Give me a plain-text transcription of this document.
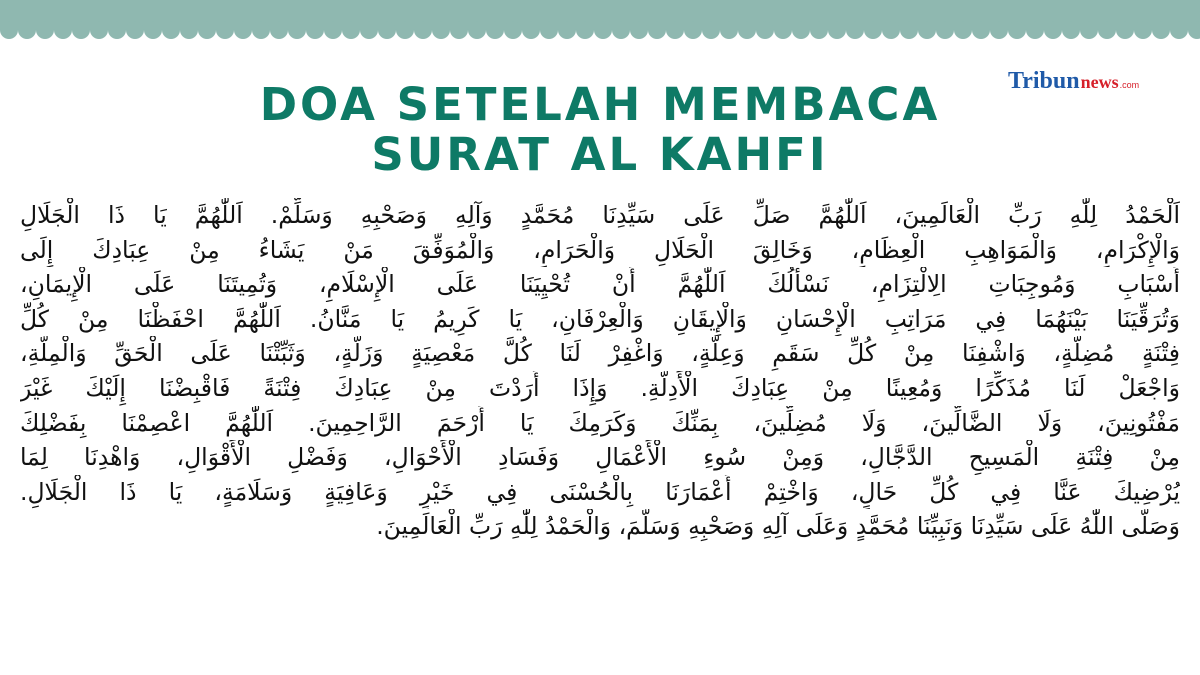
Tribun news .com
DOA SETELAH MEMBACA
SURAT AL KAHFI
اَلْحَمْدُ لِلّٰهِ رَبِّ الْعَالَمِينَ، اَللّٰهُمَّ صَلِّ عَلَى سَيِّدِنَا مُحَمَّدٍ وَآلِهِ وَصَحْبِهِ وَسَلِّمْ. اَللّٰهُمَّ يَا ذَا الْجَلَالِ
وَالْإِكْرَامِ، وَالْمَوَاهِبِ الْعِظَامِ، وَخَالِقَ الْحَلَالِ وَالْحَرَامِ، وَالْمُوَفِّقَ مَنْ يَشَاءُ مِنْ عِبَادِكَ إِلَى
أَسْبَابِ وَمُوجِبَاتِ الِالْتِزَامِ، نَسْأَلُكَ اَللّٰهُمَّ أَنْ تُحْيِيَنَا عَلَى الْإِسْلَامِ، وَتُمِيتَنَا عَلَى الْإِيمَانِ،
وَتُرَقِّيَنَا بَيْنَهُمَا فِي مَرَاتِبِ الْإِحْسَانِ وَالْإِيقَانِ وَالْعِرْفَانِ، يَا كَرِيمُ يَا مَنَّانُ. اَللّٰهُمَّ احْفَظْنَا مِنْ كُلِّ
فِتْنَةٍ مُضِلَّةٍ، وَاشْفِنَا مِنْ كُلِّ سَقَمٍ وَعِلَّةٍ، وَاغْفِرْ لَنَا كُلَّ مَعْصِيَةٍ وَزَلَّةٍ، وَثَبِّتْنَا عَلَى الْحَقِّ وَالْمِلَّةِ،
وَاجْعَلْ لَنَا مُذَكِّرًا وَمُعِينًا مِنْ عِبَادِكَ الْأَدِلَّةِ. وَإِذَا أَرَدْتَ مِنْ عِبَادِكَ فِتْنَةً فَاقْبِضْنَا إِلَيْكَ غَيْرَ
مَفْتُونِينَ، وَلَا الضَّالِّينَ، وَلَا مُضِلِّينَ، بِمَنِّكَ وَكَرَمِكَ يَا أَرْحَمَ الرَّاحِمِينَ. اَللّٰهُمَّ اعْصِمْنَا بِفَضْلِكَ
مِنْ فِتْنَةِ الْمَسِيحِ الدَّجَّالِ، وَمِنْ سُوءِ الْأَعْمَالِ وَفَسَادِ الْأَحْوَالِ، وَفَضْلِ الْأَقْوَالِ، وَاهْدِنَا لِمَا
يُرْضِيكَ عَنَّا فِي كُلِّ حَالٍ، وَاخْتِمْ أَعْمَارَنَا بِالْحُسْنَى فِي خَيْرٍ وَعَافِيَةٍ وَسَلَامَةٍ، يَا ذَا الْجَلَالِ.
وَصَلَّى اللّٰهُ عَلَى سَيِّدِنَا وَنَبِيِّنَا مُحَمَّدٍ وَعَلَى آلِهِ وَصَحْبِهِ وَسَلَّمَ، وَالْحَمْدُ لِلّٰهِ رَبِّ الْعَالَمِينَ.
